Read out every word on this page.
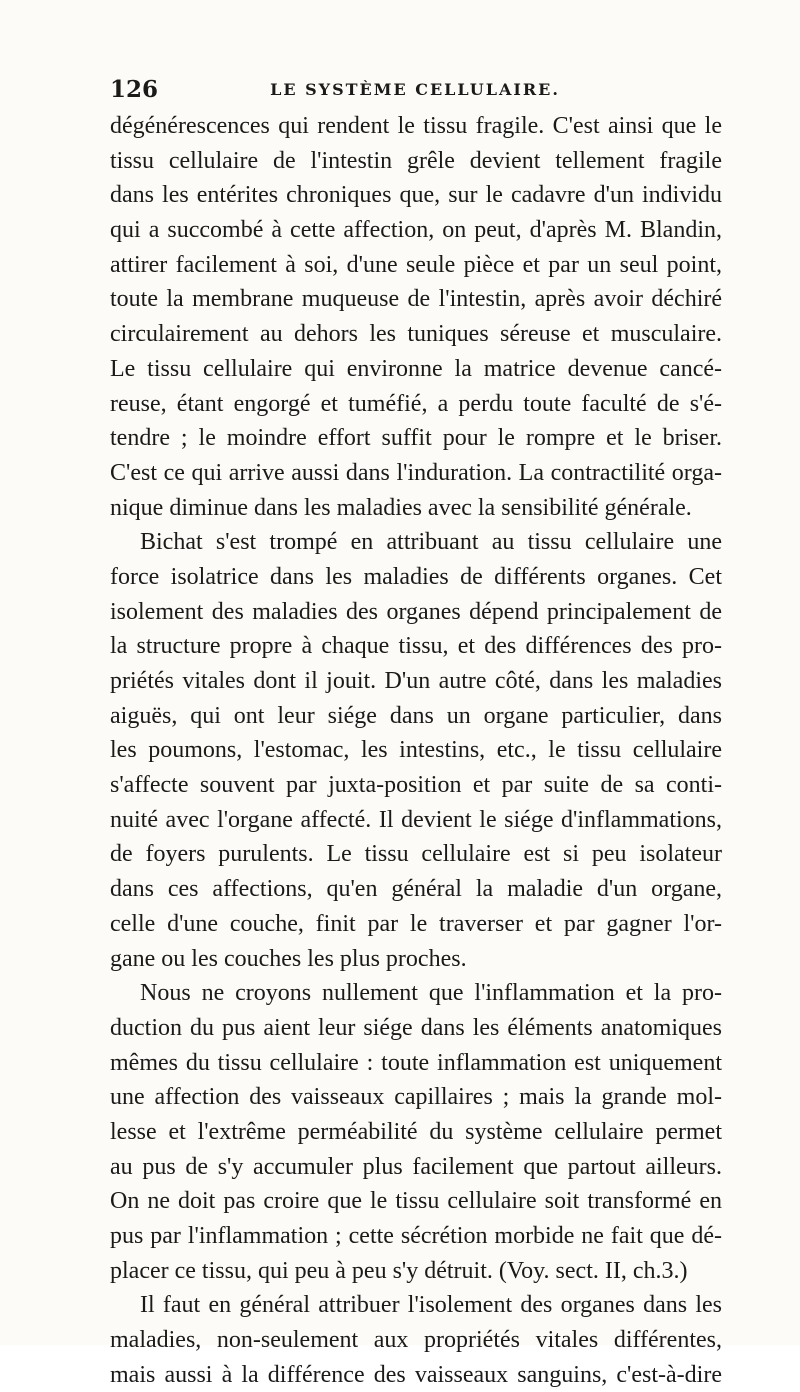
126	LE SYSTÈME CELLULAIRE.
dégénérescences qui rendent le tissu fragile. C'est ainsi que le
tissu cellulaire de l'intestin grêle devient tellement fragile
dans les entérites chroniques que, sur le cadavre d'un individu
qui a succombé à cette affection, on peut, d'après M. Blandin,
attirer facilement à soi, d'une seule pièce et par un seul point,
toute la membrane muqueuse de l'intestin, après avoir déchiré
circulairement au dehors les tuniques séreuse et musculaire.
Le tissu cellulaire qui environne la matrice devenue cancé-
reuse, étant engorgé et tuméfié, a perdu toute faculté de s'é-
tendre ; le moindre effort suffit pour le rompre et le briser.
C'est ce qui arrive aussi dans l'induration. La contractilité orga-
nique diminue dans les maladies avec la sensibilité générale.
Bichat s'est trompé en attribuant au tissu cellulaire une
force isolatrice dans les maladies de différents organes. Cet
isolement des maladies des organes dépend principalement de
la structure propre à chaque tissu, et des différences des pro-
priétés vitales dont il jouit. D'un autre côté, dans les maladies
aiguës, qui ont leur siége dans un organe particulier, dans
les poumons, l'estomac, les intestins, etc., le tissu cellulaire
s'affecte souvent par juxta-position et par suite de sa conti-
nuité avec l'organe affecté. Il devient le siége d'inflammations,
de foyers purulents. Le tissu cellulaire est si peu isolateur
dans ces affections, qu'en général la maladie d'un organe,
celle d'une couche, finit par le traverser et par gagner l'or-
gane ou les couches les plus proches.
Nous ne croyons nullement que l'inflammation et la pro-
duction du pus aient leur siége dans les éléments anatomiques
mêmes du tissu cellulaire : toute inflammation est uniquement
une affection des vaisseaux capillaires ; mais la grande mol-
lesse et l'extrême perméabilité du système cellulaire permet
au pus de s'y accumuler plus facilement que partout ailleurs.
On ne doit pas croire que le tissu cellulaire soit transformé en
pus par l'inflammation ; cette sécrétion morbide ne fait que dé-
placer ce tissu, qui peu à peu s'y détruit. (Voy. sect. II, ch.3.)
Il faut en général attribuer l'isolement des organes dans les
maladies, non-seulement aux propriétés vitales différentes,
mais aussi à la différence des vaisseaux sanguins, c'est-à-dire
